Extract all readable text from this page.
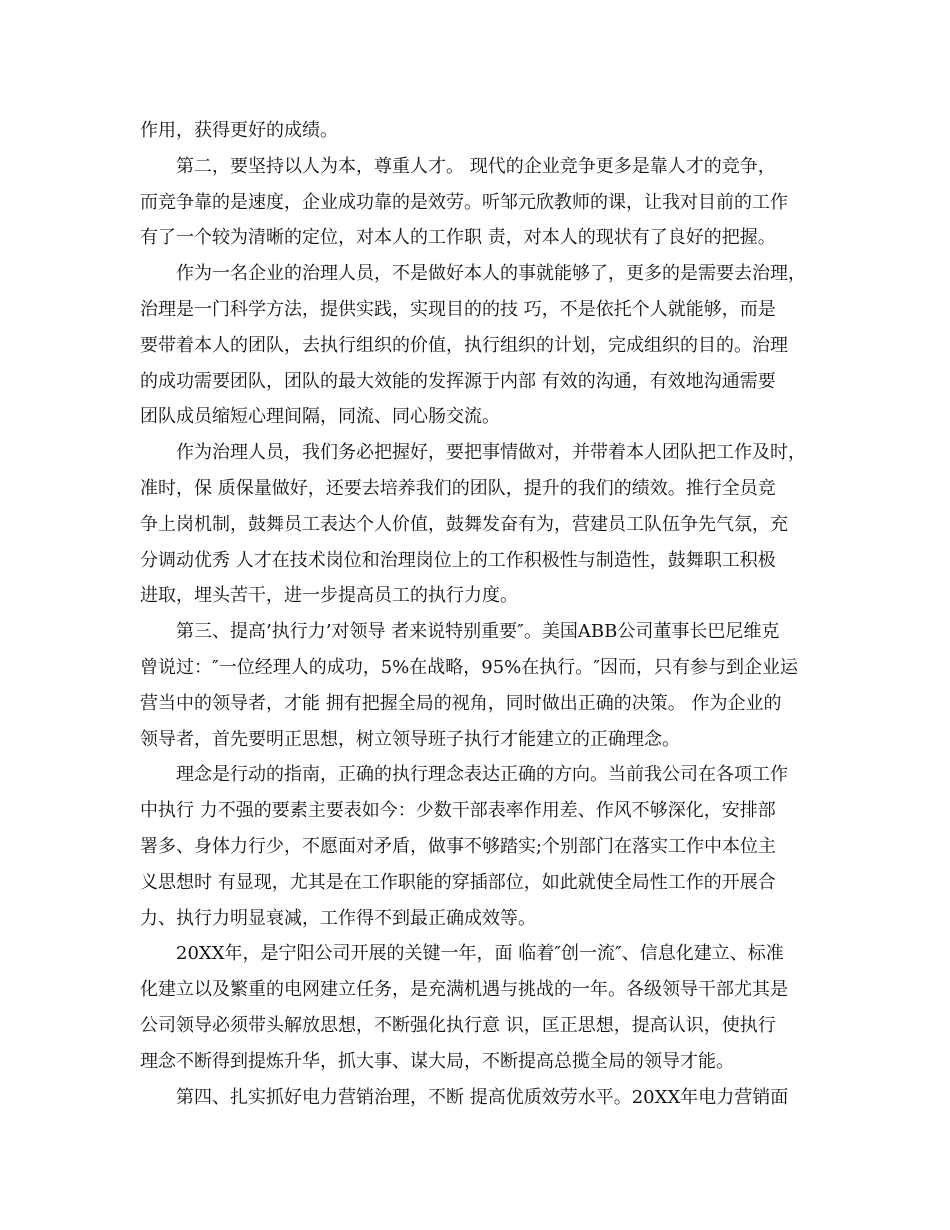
作用，获得更好的成绩。
第二，要坚持以人为本，尊重人才。 现代的企业竞争更多是靠人才的竞争，
而竞争靠的是速度，企业成功靠的是效劳。听邹元欣教师的课，让我对目前的工作
有了一个较为清晰的定位，对本人的工作职 责，对本人的现状有了良好的把握。
作为一名企业的治理人员，不是做好本人的事就能够了，更多的是需要去治理，
治理是一门科学方法，提供实践，实现目的的技 巧，不是依托个人就能够，而是
要带着本人的团队，去执行组织的价值，执行组织的计划，完成组织的目的。治理
的成功需要团队，团队的最大效能的发挥源于内部 有效的沟通，有效地沟通需要
团队成员缩短心理间隔，同流、同心肠交流。
作为治理人员，我们务必把握好，要把事情做对，并带着本人团队把工作及时，
准时，保 质保量做好，还要去培养我们的团队，提升的我们的绩效。推行全员竞
争上岗机制，鼓舞员工表达个人价值，鼓舞发奋有为，营建员工队伍争先气氛，充
分调动优秀 人才在技术岗位和治理岗位上的工作积极性与制造性，鼓舞职工积极
进取，埋头苦干，进一步提高员工的执行力度。
第三、提高’执行力’对领导 者来说特别重要″。美国ABB公司董事长巴尼维克
曾说过：″一位经理人的成功，5%在战略，95%在执行。″因而，只有参与到企业运
营当中的领导者，才能 拥有把握全局的视角，同时做出正确的决策。 作为企业的
领导者，首先要明正思想，树立领导班子执行才能建立的正确理念。
理念是行动的指南，正确的执行理念表达正确的方向。当前我公司在各项工作
中执行 力不强的要素主要表如今：少数干部表率作用差、作风不够深化，安排部
署多、身体力行少，不愿面对矛盾，做事不够踏实;个别部门在落实工作中本位主
义思想时 有显现，尤其是在工作职能的穿插部位，如此就使全局性工作的开展合
力、执行力明显衰减，工作得不到最正确成效等。
20XX年，是宁阳公司开展的关键一年，面 临着″创一流″、信息化建立、标准
化建立以及繁重的电网建立任务，是充满机遇与挑战的一年。各级领导干部尤其是
公司领导必须带头解放思想，不断强化执行意 识，匡正思想，提高认识，使执行
理念不断得到提炼升华，抓大事、谋大局，不断提高总揽全局的领导才能。
第四、扎实抓好电力营销治理，不断 提高优质效劳水平。20XX年电力营销面
